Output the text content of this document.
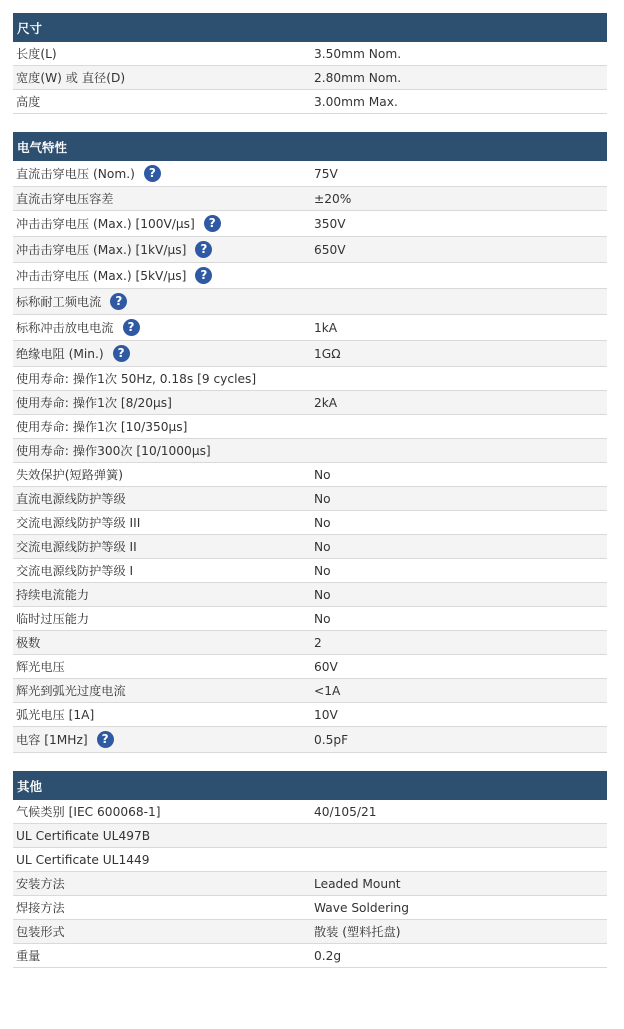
尺寸
长度(L)	3.50mm Nom.
宽度(W) 或 直径(D)	2.80mm Nom.
高度	3.00mm Max.
电气特性
直流击穿电压 (Nom.)	?	75V
直流击穿电压容差	±20%
冲击击穿电压 (Max.) [100V/μs]	?	350V
冲击击穿电压 (Max.) [1kV/μs]	?	650V
冲击击穿电压 (Max.) [5kV/μs]	?
标称耐工频电流	?
标称冲击放电电流	?	1kA
绝缘电阻 (Min.)	?	1GΩ
使用寿命: 操作1次 50Hz, 0.18s [9 cycles]
使用寿命: 操作1次 [8/20μs]	2kA
使用寿命: 操作1次 [10/350μs]
使用寿命: 操作300次 [10/1000μs]
失效保护(短路弹簧)	No
直流电源线防护等级	No
交流电源线防护等级 III	No
交流电源线防护等级 II	No
交流电源线防护等级 I	No
持续电流能力	No
临时过压能力	No
极数	2
辉光电压	60V
辉光到弧光过度电流	<1A
弧光电压 [1A]	10V
电容 [1MHz]	?	0.5pF
其他
气候类别 [IEC 600068-1]	40/105/21
UL Certificate UL497B
UL Certificate UL1449
安装方法	Leaded Mount
焊接方法	Wave Soldering
包装形式	散装 (塑料托盘)
重量	0.2g
